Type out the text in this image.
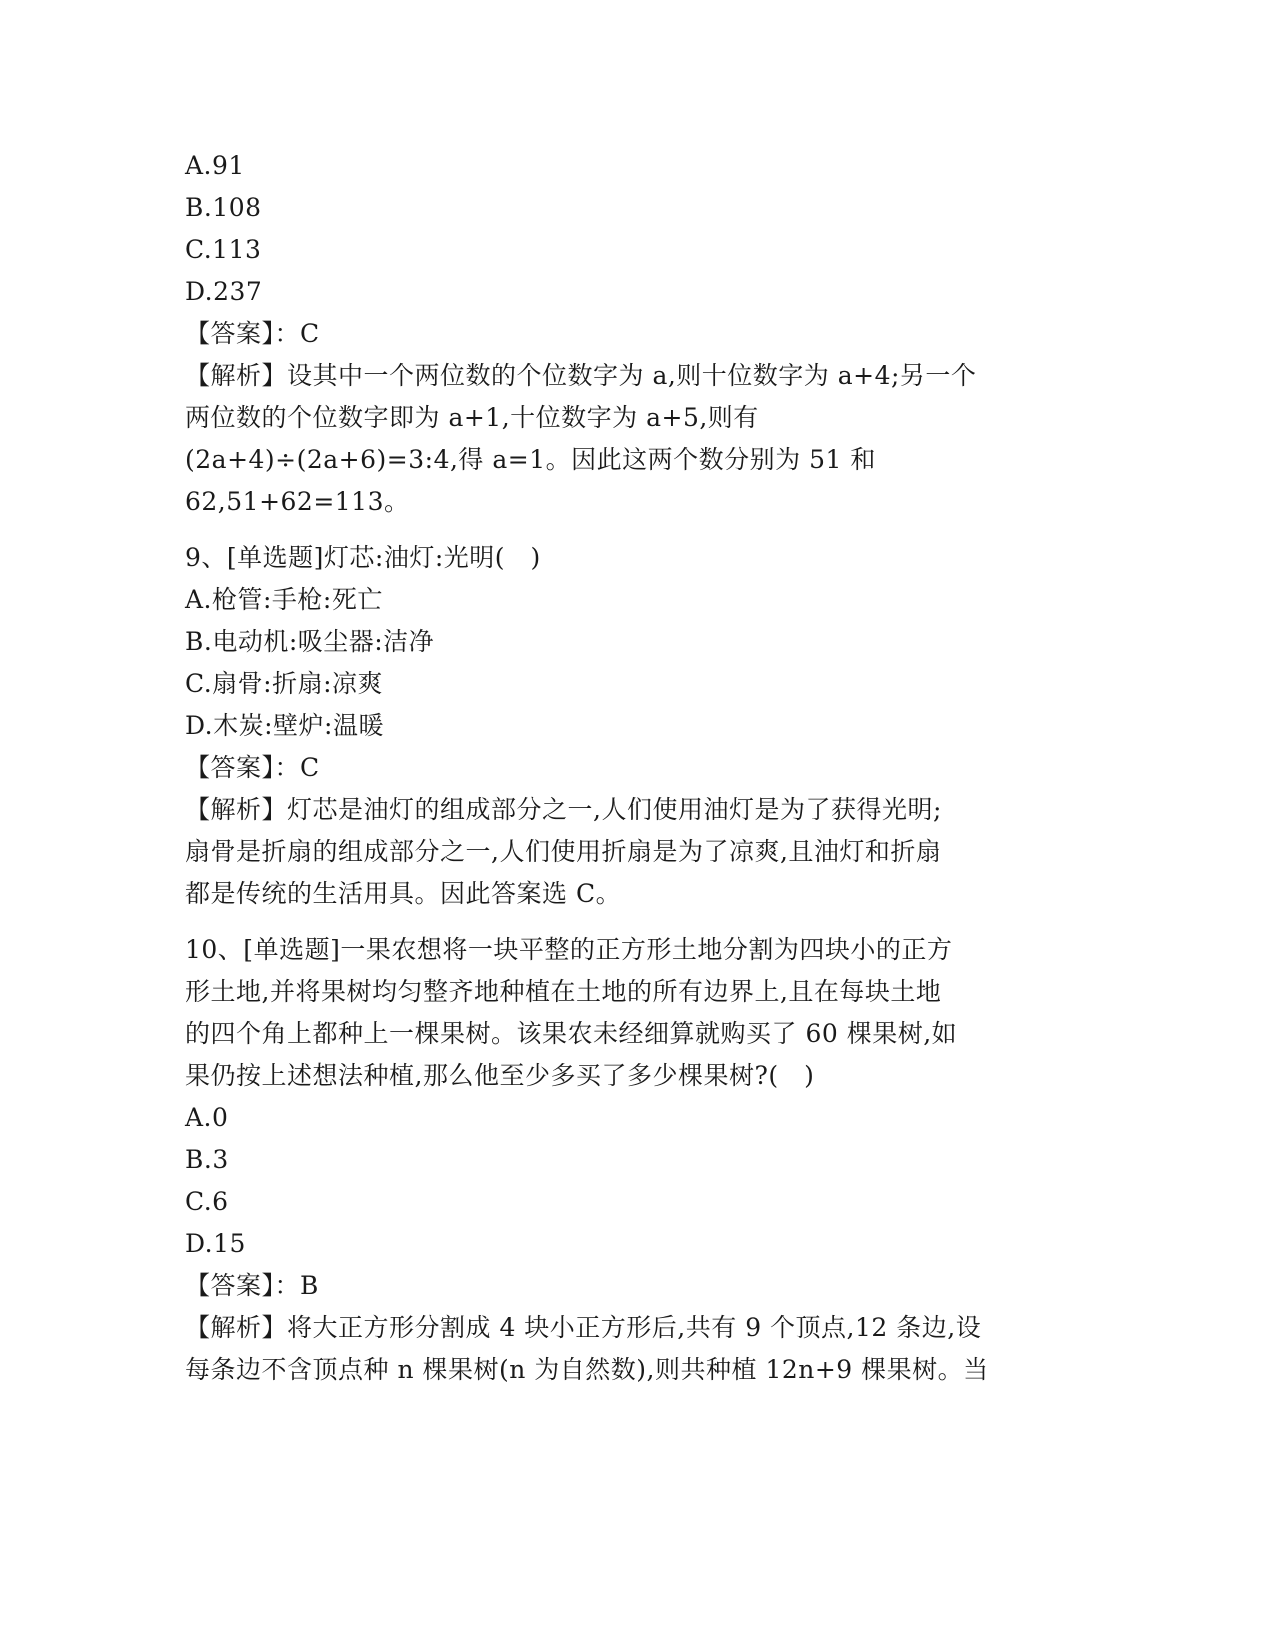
A.91
B.108
C.113
D.237
【答案】：C
【解析】设其中一个两位数的个位数字为 a,则十位数字为 a+4;另一个
两位数的个位数字即为 a+1,十位数字为 a+5,则有
(2a+4)÷(2a+6)=3:4,得 a=1。因此这两个数分别为 51 和
62,51+62=113。
9、[单选题]灯芯:油灯:光明(　)
A.枪管:手枪:死亡
B.电动机:吸尘器:洁净
C.扇骨:折扇:凉爽
D.木炭:壁炉:温暖
【答案】：C
【解析】灯芯是油灯的组成部分之一,人们使用油灯是为了获得光明;
扇骨是折扇的组成部分之一,人们使用折扇是为了凉爽,且油灯和折扇
都是传统的生活用具。因此答案选 C。
10、[单选题]一果农想将一块平整的正方形土地分割为四块小的正方
形土地,并将果树均匀整齐地种植在土地的所有边界上,且在每块土地
的四个角上都种上一棵果树。该果农未经细算就购买了 60 棵果树,如
果仍按上述想法种植,那么他至少多买了多少棵果树?(　)
A.0
B.3
C.6
D.15
【答案】：B
【解析】将大正方形分割成 4 块小正方形后,共有 9 个顶点,12 条边,设
每条边不含顶点种 n 棵果树(n 为自然数),则共种植 12n+9 棵果树。当
